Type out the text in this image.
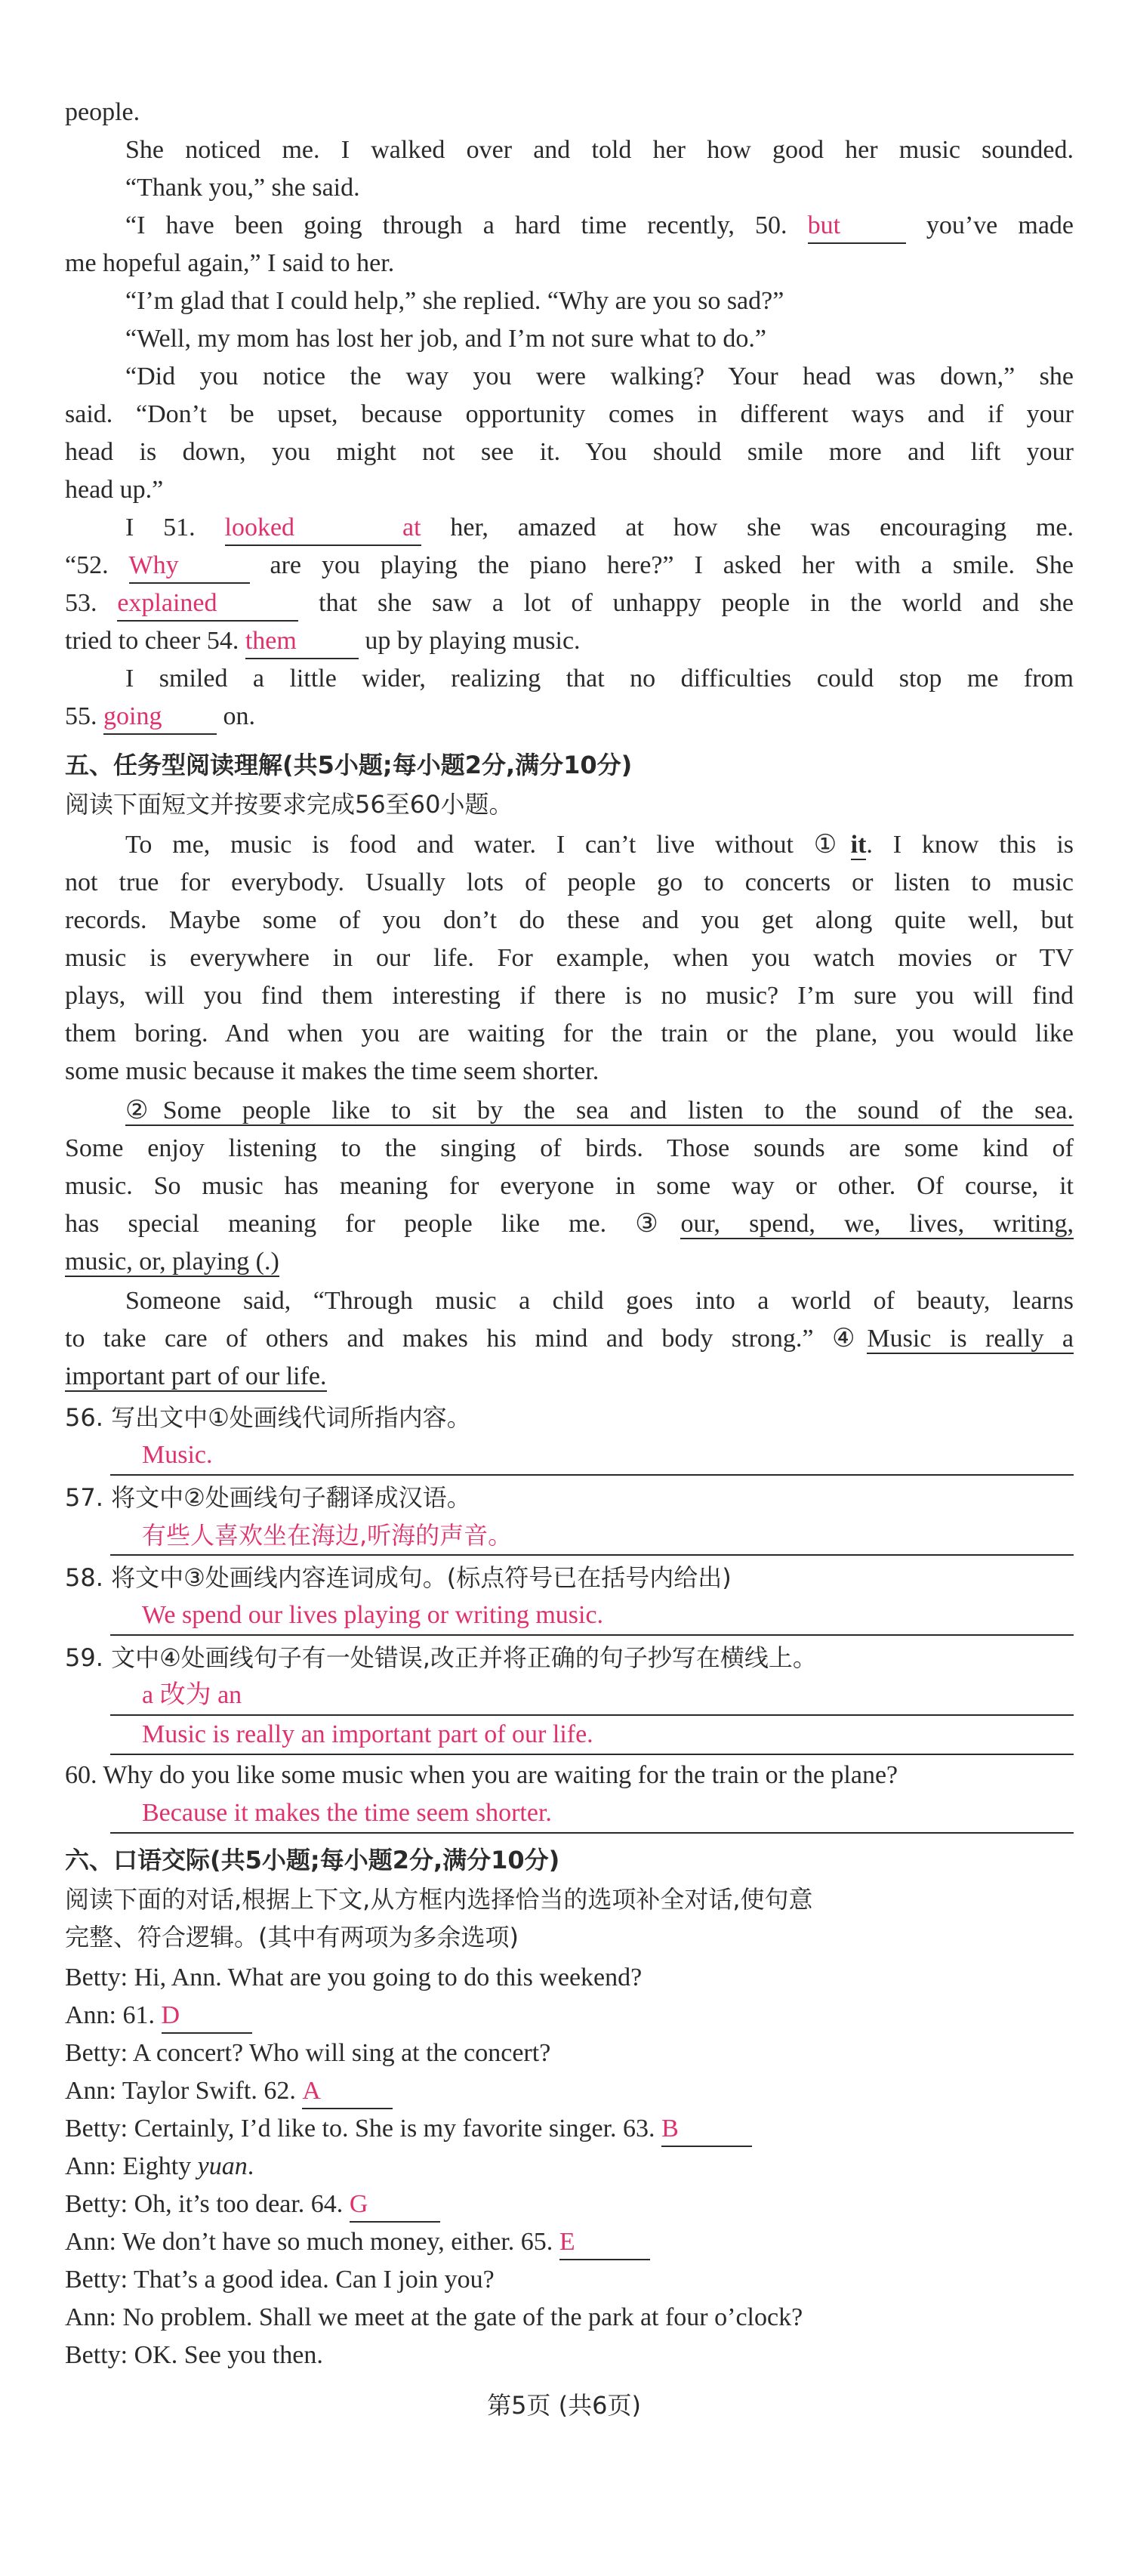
people.
She noticed me. I walked over and told her how good her music sounded.
“Thank you,” she said.
“I have been going through a hard time recently, 50. but	you’ve made
me hopeful again,” I said to her.
“I’m glad that I could help,” she replied. “Why are you so sad?”
“Well, my mom has lost her job, and I’m not sure what to do.”
“Did you notice the way you were walking? Your head was down,” she
said. “Don’t be upset, because opportunity comes in different ways and if your
head is down, you might not see it. You should smile more and lift your
head up.”
I 51. looked at her, amazed at how she was encouraging me.
“52. Why	are you playing the piano here?” I asked her with a smile. She
53. explained	that she saw a lot of unhappy people in the world and she
tried to cheer 54. them	up by playing music.
I smiled a little wider, realizing that no difficulties could stop me from
55. going on.
五、任务型阅读理解(共5小题;每小题2分,满分10分)
阅读下面短文并按要求完成56至60小题。
To me, music is food and water. I can’t live without ①it. I know this is
not true for everybody. Usually lots of people go to concerts or listen to music
records. Maybe some of you don’t do these and you get along quite well, but
music is everywhere in our life. For example, when you watch movies or TV
plays, will you find them interesting if there is no music? I’m sure you will find
them boring. And when you are waiting for the train or the plane, you would like
some music because it makes the time seem shorter.
②Some people like to sit by the sea and listen to the sound of the sea.
Some enjoy listening to the singing of birds. Those sounds are some kind of
music. So music has meaning for everyone in some way or other. Of course, it
has special meaning for people like me. ③our, spend, we, lives, writing,
music, or, playing (.)
Someone said, “Through music a child goes into a world of beauty, learns
to take care of others and makes his mind and body strong.” ④Music is really a
important part of our life.
56. 写出文中①处画线代词所指内容。
Music.
57. 将文中②处画线句子翻译成汉语。
有些人喜欢坐在海边,听海的声音。
58. 将文中③处画线内容连词成句。(标点符号已在括号内给出)
We spend our lives playing or writing music.
59. 文中④处画线句子有一处错误,改正并将正确的句子抄写在横线上。
a 改为 an
Music is really an important part of our life.
60. Why do you like some music when you are waiting for the train or the plane?
Because it makes the time seem shorter.
六、口语交际(共5小题;每小题2分,满分10分)
阅读下面的对话,根据上下文,从方框内选择恰当的选项补全对话,使句意
完整、符合逻辑。(其中有两项为多余选项)
Betty: Hi, Ann. What are you going to do this weekend?
Ann: 61. D
Betty: A concert? Who will sing at the concert?
Ann: Taylor Swift. 62. A
Betty: Certainly, I’d like to. She is my favorite singer. 63. B
Ann: Eighty yuan.
Betty: Oh, it’s too dear. 64. G
Ann: We don’t have so much money, either. 65. E
Betty: That’s a good idea. Can I join you?
Ann: No problem. Shall we meet at the gate of the park at four o’clock?
Betty: OK. See you then.
第5页 (共6页)
